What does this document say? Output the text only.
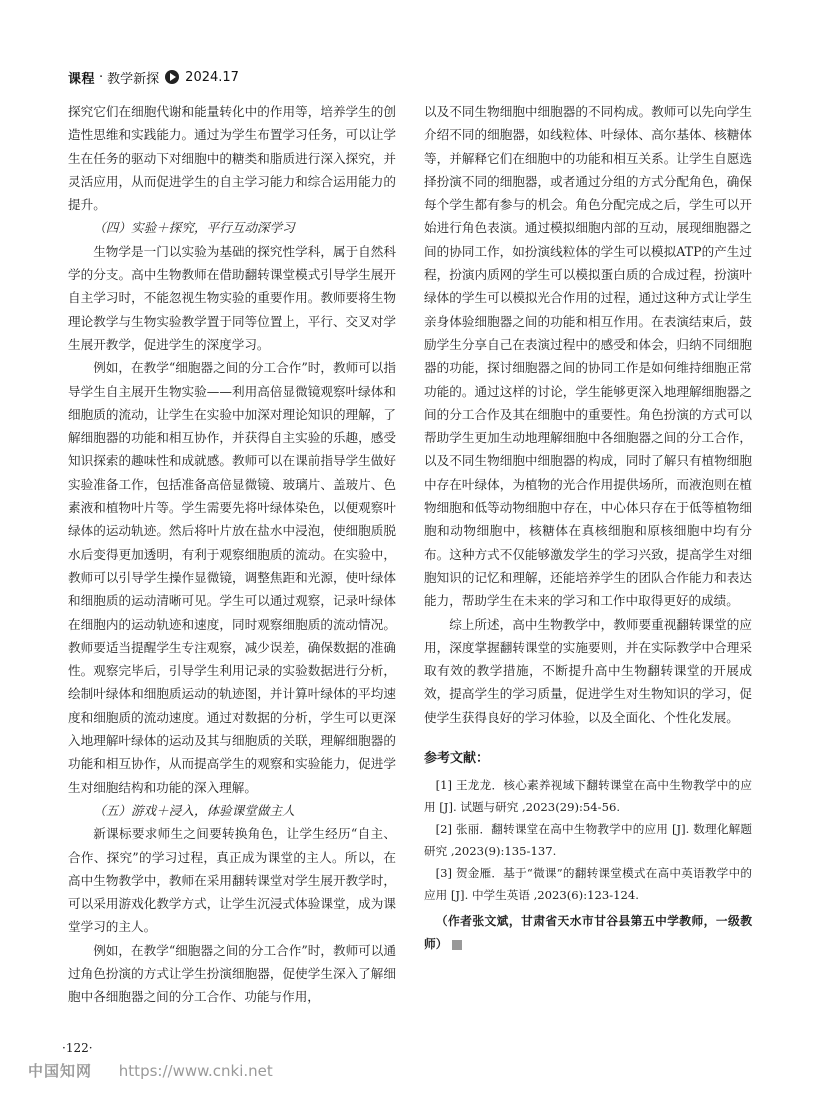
课程 · 教学新探 2024.17

探究它们在细胞代谢和能量转化中的作用等，培养学生的创造性思维和实践能力。通过为学生布置学习任务，可以让学生在任务的驱动下对细胞中的糖类和脂质进行深入探究，并灵活应用，从而促进学生的自主学习能力和综合运用能力的提升。

（四）实验＋探究，平行互动深学习

生物学是一门以实验为基础的探究性学科，属于自然科学的分支。高中生物教师在借助翻转课堂模式引导学生展开自主学习时，不能忽视生物实验的重要作用。教师要将生物理论教学与生物实验教学置于同等位置上，平行、交叉对学生展开教学，促进学生的深度学习。

例如，在教学“细胞器之间的分工合作”时，教师可以指导学生自主展开生物实验——利用高倍显微镜观察叶绿体和细胞质的流动，让学生在实验中加深对理论知识的理解，了解细胞器的功能和相互协作，并获得自主实验的乐趣，感受知识探索的趣味性和成就感。教师可以在课前指导学生做好实验准备工作，包括准备高倍显微镜、玻璃片、盖玻片、色素液和植物叶片等。学生需要先将叶绿体染色，以便观察叶绿体的运动轨迹。然后将叶片放在盐水中浸泡，使细胞质脱水后变得更加透明，有利于观察细胞质的流动。在实验中，教师可以引导学生操作显微镜，调整焦距和光源，使叶绿体和细胞质的运动清晰可见。学生可以通过观察，记录叶绿体在细胞内的运动轨迹和速度，同时观察细胞质的流动情况。教师要适当提醒学生专注观察，减少误差，确保数据的准确性。观察完毕后，引导学生利用记录的实验数据进行分析，绘制叶绿体和细胞质运动的轨迹图，并计算叶绿体的平均速度和细胞质的流动速度。通过对数据的分析，学生可以更深入地理解叶绿体的运动及其与细胞质的关联，理解细胞器的功能和相互协作，从而提高学生的观察和实验能力，促进学生对细胞结构和功能的深入理解。

（五）游戏＋浸入，体验课堂做主人

新课标要求师生之间要转换角色，让学生经历“自主、合作、探究”的学习过程，真正成为课堂的主人。所以，在高中生物教学中，教师在采用翻转课堂对学生展开教学时，可以采用游戏化教学方式，让学生沉浸式体验课堂，成为课堂学习的主人。

例如，在教学“细胞器之间的分工合作”时，教师可以通过角色扮演的方式让学生扮演细胞器，促使学生深入了解细胞中各细胞器之间的分工合作、功能与作用，

以及不同生物细胞中细胞器的不同构成。教师可以先向学生介绍不同的细胞器，如线粒体、叶绿体、高尔基体、核糖体等，并解释它们在细胞中的功能和相互关系。让学生自愿选择扮演不同的细胞器，或者通过分组的方式分配角色，确保每个学生都有参与的机会。角色分配完成之后，学生可以开始进行角色表演。通过模拟细胞内部的互动，展现细胞器之间的协同工作，如扮演线粒体的学生可以模拟ATP的产生过程，扮演内质网的学生可以模拟蛋白质的合成过程，扮演叶绿体的学生可以模拟光合作用的过程，通过这种方式让学生亲身体验细胞器之间的功能和相互作用。在表演结束后，鼓励学生分享自己在表演过程中的感受和体会，归纳不同细胞器的功能，探讨细胞器之间的协同工作是如何维持细胞正常功能的。通过这样的讨论，学生能够更深入地理解细胞器之间的分工合作及其在细胞中的重要性。角色扮演的方式可以帮助学生更加生动地理解细胞中各细胞器之间的分工合作，以及不同生物细胞中细胞器的构成，同时了解只有植物细胞中存在叶绿体，为植物的光合作用提供场所，而液泡则在植物细胞和低等动物细胞中存在，中心体只存在于低等植物细胞和动物细胞中，核糖体在真核细胞和原核细胞中均有分布。这种方式不仅能够激发学生的学习兴致，提高学生对细胞知识的记忆和理解，还能培养学生的团队合作能力和表达能力，帮助学生在未来的学习和工作中取得更好的成绩。

综上所述，高中生物教学中，教师要重视翻转课堂的应用，深度掌握翻转课堂的实施要则，并在实际教学中合理采取有效的教学措施，不断提升高中生物翻转课堂的开展成效，提高学生的学习质量，促进学生对生物知识的学习，促使学生获得良好的学习体验，以及全面化、个性化发展。

参考文献：

[1] 王龙龙．核心素养视域下翻转课堂在高中生物教学中的应用 [J]. 试题与研究 ,2023(29):54-56.

[2] 张丽．翻转课堂在高中生物教学中的应用 [J]. 数理化解题研究 ,2023(9):135-137.

[3] 贺金雁．基于“微课”的翻转课堂模式在高中英语教学中的应用 [J]. 中学生英语 ,2023(6):123-124.

（作者张文斌，甘肃省天水市甘谷县第五中学教师，一级教师）

·122·
中国知网 https://www.cnki.net
